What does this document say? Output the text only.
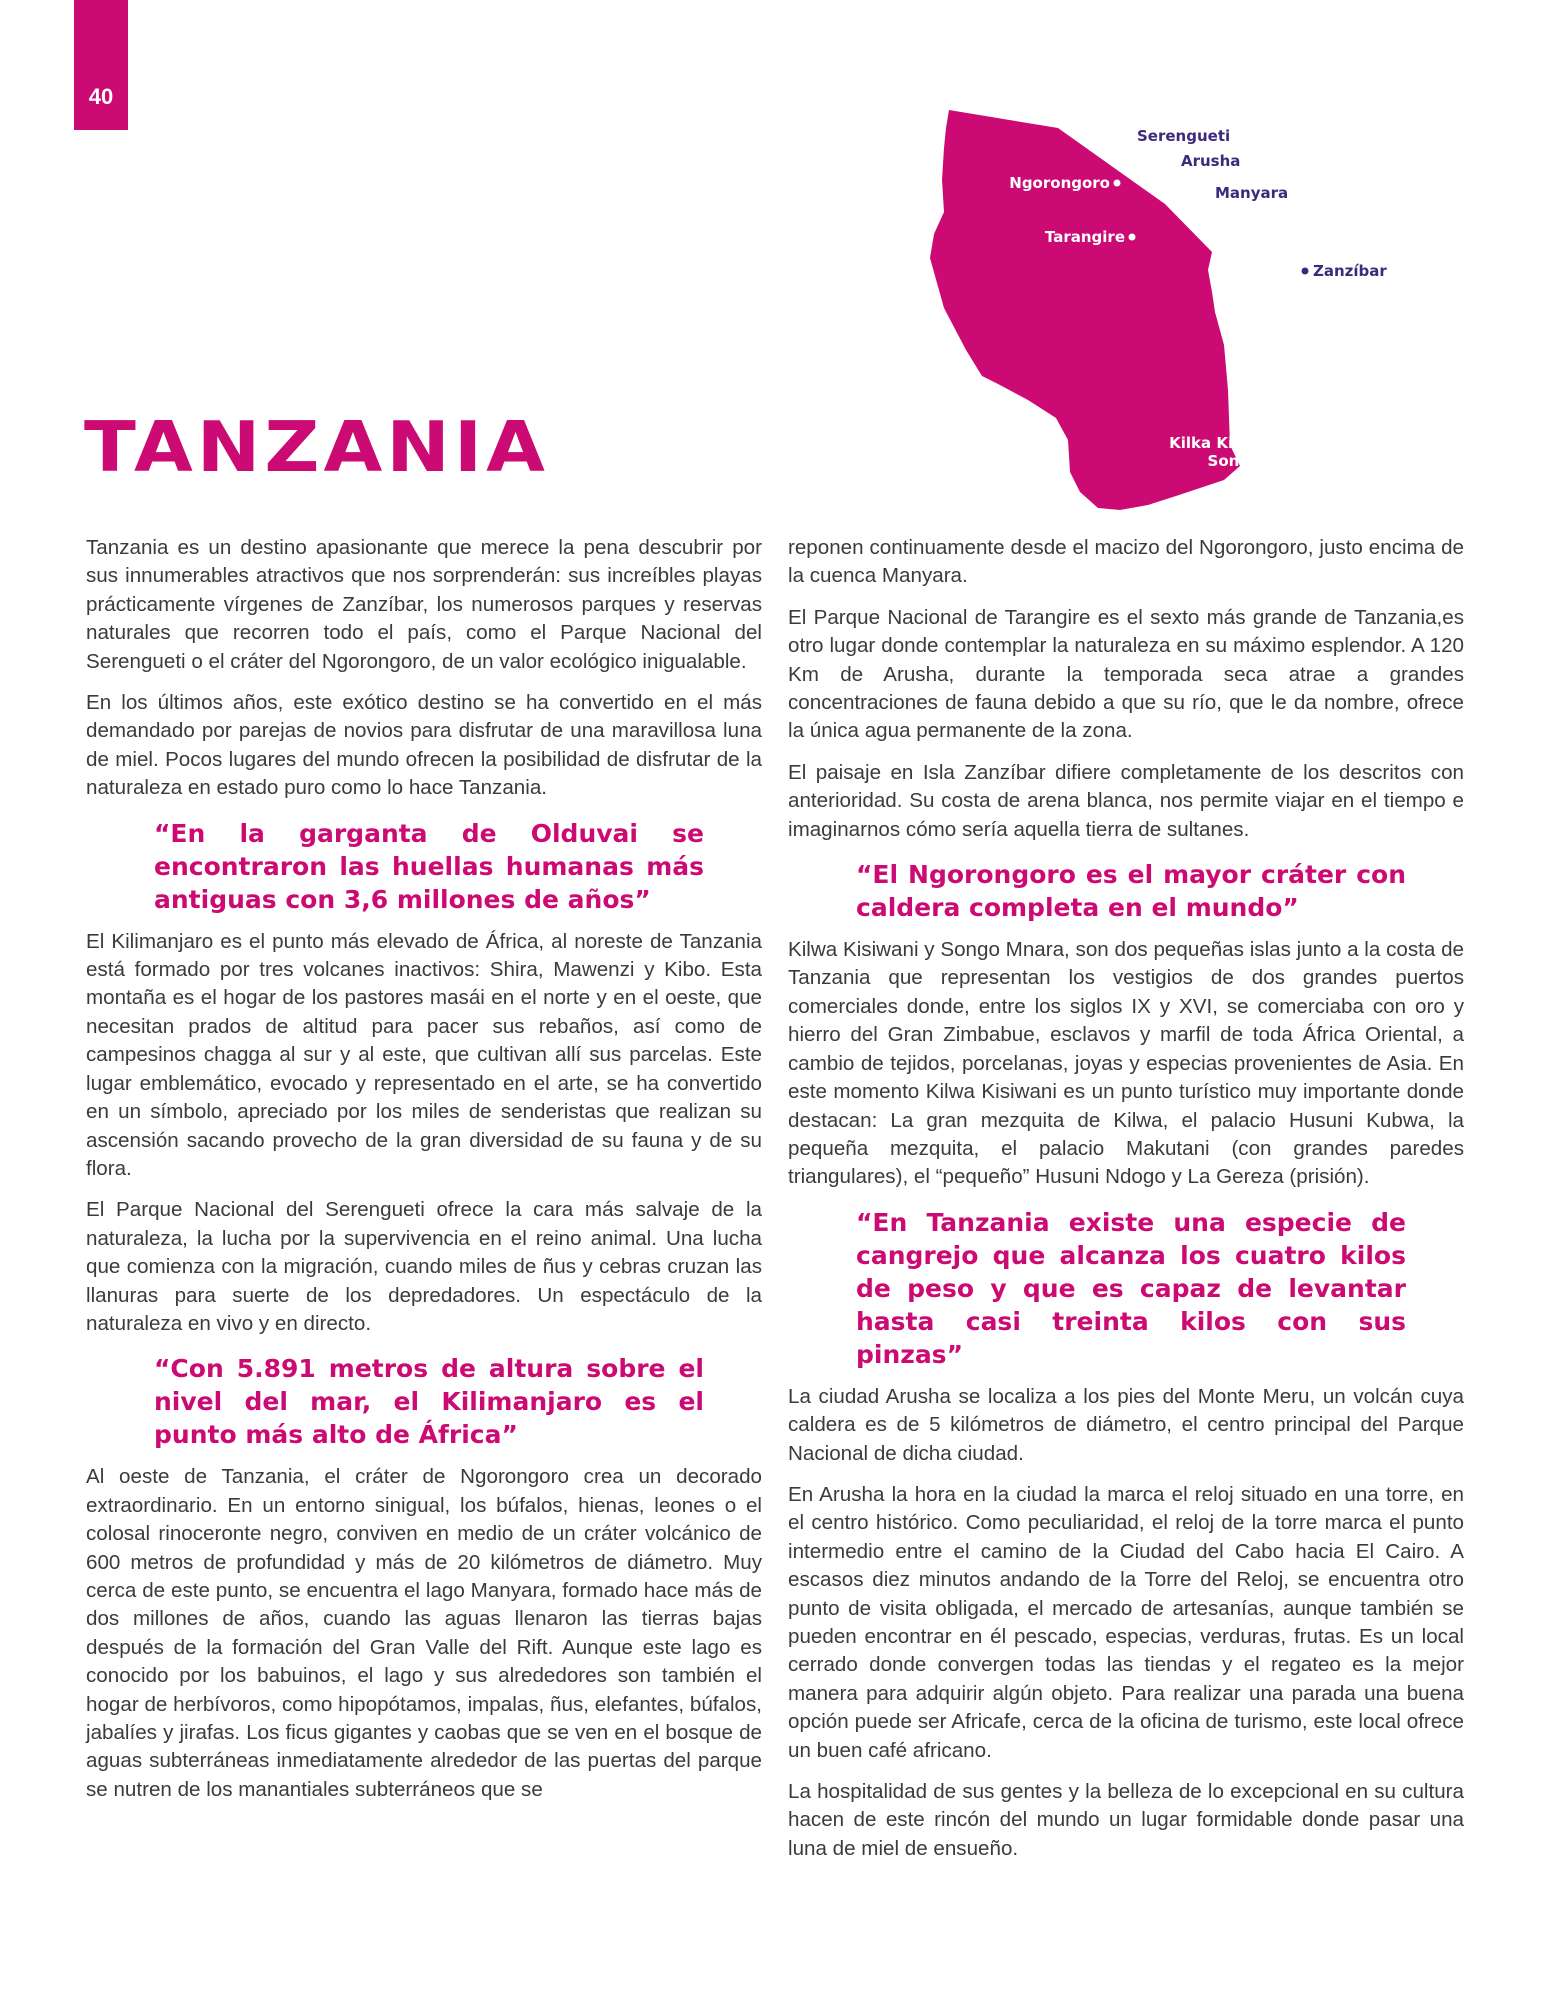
40
TANZANIA
Serengueti
Arusha
Manyara
Zanzíbar
Ngorongoro
Tarangire
Kilka Kisiwani
Songo Mnara

Tanzania es un destino apasionante que merece la pena descubrir por sus innumerables atractivos que nos sorprenderán: sus increíbles playas prácticamente vírgenes de Zanzíbar, los numerosos parques y reservas naturales que recorren todo el país, como el Parque Nacional del Serengueti o el cráter del Ngorongoro, de un valor ecológico inigualable.

En los últimos años, este exótico destino se ha convertido en el más demandado por parejas de novios para disfrutar de una maravillosa luna de miel. Pocos lugares del mundo ofrecen la posibilidad de disfrutar de la naturaleza en estado puro como lo hace Tanzania.

“En la garganta de Olduvai se encontraron las huellas humanas más antiguas con 3,6 millones de años”

El Kilimanjaro es el punto más elevado de África, al noreste de Tanzania está formado por tres volcanes inactivos: Shira, Mawenzi y Kibo. Esta montaña es el hogar de los pastores masái en el norte y en el oeste, que necesitan prados de altitud para pacer sus rebaños, así como de campesinos chagga al sur y al este, que cultivan allí sus parcelas. Este lugar emblemático, evocado y representado en el arte, se ha convertido en un símbolo, apreciado por los miles de senderistas que realizan su ascensión sacando provecho de la gran diversidad de su fauna y de su flora.

El Parque Nacional del Serengueti ofrece la cara más salvaje de la naturaleza, la lucha por la supervivencia en el reino animal. Una lucha que comienza con la migración, cuando miles de ñus y cebras cruzan las llanuras para suerte de los depredadores. Un espectáculo de la naturaleza en vivo y en directo.

“Con 5.891 metros de altura sobre el nivel del mar, el Kilimanjaro es el punto más alto de África”

Al oeste de Tanzania, el cráter de Ngorongoro crea un decorado extraordinario. En un entorno sinigual, los búfalos, hienas, leones o el colosal rinoceronte negro, conviven en medio de un cráter volcánico de 600 metros de profundidad y más de 20 kilómetros de diámetro. Muy cerca de este punto, se encuentra el lago Manyara, formado hace más de dos millones de años, cuando las aguas llenaron las tierras bajas después de la formación del Gran Valle del Rift. Aunque este lago es conocido por los babuinos, el lago y sus alrededores son también el hogar de herbívoros, como hipopótamos, impalas, ñus, elefantes, búfalos, jabalíes y jirafas. Los ficus gigantes y caobas que se ven en el bosque de aguas subterráneas inmediatamente alrededor de las puertas del parque se nutren de los manantiales subterráneos que se

reponen continuamente desde el macizo del Ngorongoro, justo encima de la cuenca Manyara.

El Parque Nacional de Tarangire es el sexto más grande de Tanzania,es otro lugar donde contemplar la naturaleza en su máximo esplendor. A 120 Km de Arusha, durante la temporada seca atrae a grandes concentraciones de fauna debido a que su río, que le da nombre, ofrece la única agua permanente de la zona.

El paisaje en Isla Zanzíbar difiere completamente de los descritos con anterioridad. Su costa de arena blanca, nos permite viajar en el tiempo e imaginarnos cómo sería aquella tierra de sultanes.

“El Ngorongoro es el mayor cráter con caldera completa en el mundo”

Kilwa Kisiwani y Songo Mnara, son dos pequeñas islas junto a la costa de Tanzania que representan los vestigios de dos grandes puertos comerciales donde, entre los siglos IX y XVI, se comerciaba con oro y hierro del Gran Zimbabue, esclavos y marfil de toda África Oriental, a cambio de tejidos, porcelanas, joyas y especias provenientes de Asia. En este momento Kilwa Kisiwani es un punto turístico muy importante donde destacan: La gran mezquita de Kilwa, el palacio Husuni Kubwa, la pequeña mezquita, el palacio Makutani (con grandes paredes triangulares), el “pequeño” Husuni Ndogo y La Gereza (prisión).

“En Tanzania existe una especie de cangrejo que alcanza los cuatro kilos de peso y que es capaz de levantar hasta casi treinta kilos con sus pinzas”

La ciudad Arusha se localiza a los pies del Monte Meru, un volcán cuya caldera es de 5 kilómetros de diámetro, el centro principal del Parque Nacional de dicha ciudad.

En Arusha la hora en la ciudad la marca el reloj situado en una torre, en el centro histórico. Como peculiaridad, el reloj de la torre marca el punto intermedio entre el camino de la Ciudad del Cabo hacia El Cairo. A escasos diez minutos andando de la Torre del Reloj, se encuentra otro punto de visita obligada, el mercado de artesanías, aunque también se pueden encontrar en él pescado, especias, verduras, frutas. Es un local cerrado donde convergen todas las tiendas y el regateo es la mejor manera para adquirir algún objeto. Para realizar una parada una buena opción puede ser Africafe, cerca de la oficina de turismo, este local ofrece un buen café africano.

La hospitalidad de sus gentes y la belleza de lo excepcional en su cultura hacen de este rincón del mundo un lugar formidable donde pasar una luna de miel de ensueño.
